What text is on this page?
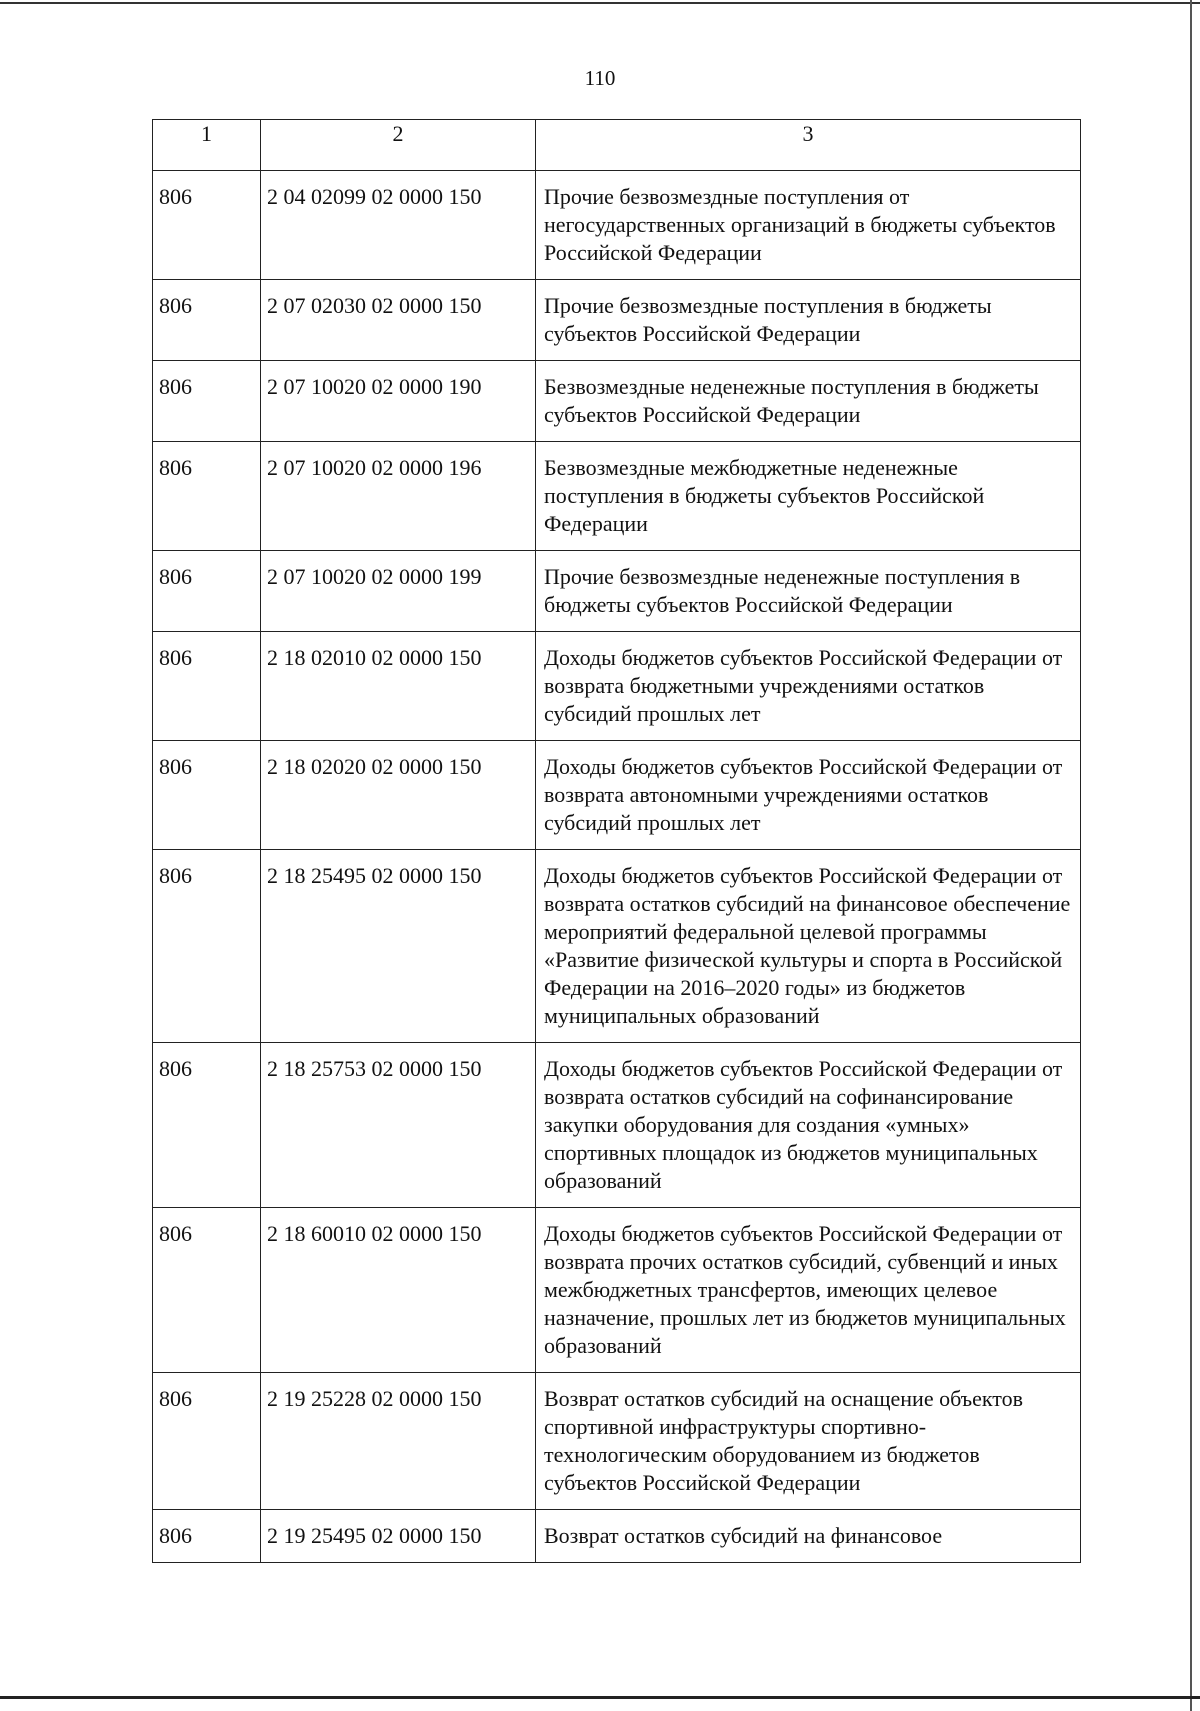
110
1	2	3
806	2 04 02099 02 0000 150	Прочие безвозмездные поступления от негосударственных организаций в бюджеты субъектов Российской Федерации
806	2 07 02030 02 0000 150	Прочие безвозмездные поступления в бюджеты субъектов Российской Федерации
806	2 07 10020 02 0000 190	Безвозмездные неденежные поступления в бюджеты субъектов Российской Федерации
806	2 07 10020 02 0000 196	Безвозмездные межбюджетные неденежные поступления в бюджеты субъектов Российской Федерации
806	2 07 10020 02 0000 199	Прочие безвозмездные неденежные поступления в бюджеты субъектов Российской Федерации
806	2 18 02010 02 0000 150	Доходы бюджетов субъектов Российской Федерации от возврата бюджетными учреждениями остатков субсидий прошлых лет
806	2 18 02020 02 0000 150	Доходы бюджетов субъектов Российской Федерации от возврата автономными учреждениями остатков субсидий прошлых лет
806	2 18 25495 02 0000 150	Доходы бюджетов субъектов Российской Федерации от возврата остатков субсидий на финансовое обеспечение мероприятий федеральной целевой программы «Развитие физической культуры и спорта в Российской Федерации на 2016–2020 годы» из бюджетов муниципальных образований
806	2 18 25753 02 0000 150	Доходы бюджетов субъектов Российской Федерации от возврата остатков субсидий на софинансирование закупки оборудования для создания «умных» спортивных площадок из бюджетов муниципальных образований
806	2 18 60010 02 0000 150	Доходы бюджетов субъектов Российской Федерации от возврата прочих остатков субсидий, субвенций и иных межбюджетных трансфертов, имеющих целевое назначение, прошлых лет из бюджетов муниципальных образований
806	2 19 25228 02 0000 150	Возврат остатков субсидий на оснащение объектов спортивной инфраструктуры спортивно-технологическим оборудованием из бюджетов субъектов Российской Федерации
806	2 19 25495 02 0000 150	Возврат остатков субсидий на финансовое
